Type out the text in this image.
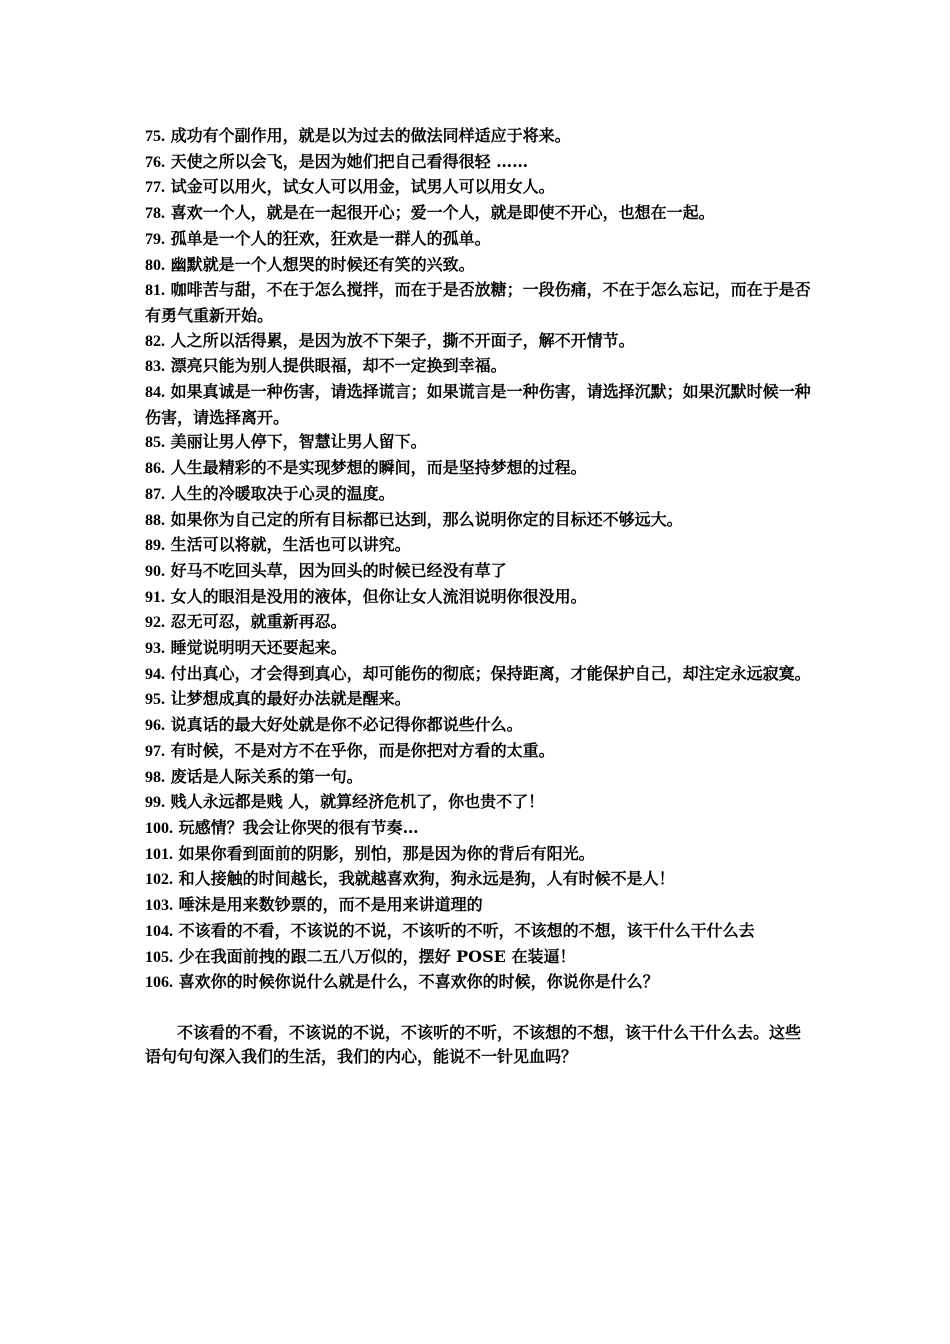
75. 成功有个副作用，就是以为过去的做法同样适应于将来。

76. 天使之所以会飞，是因为她们把自己看得很轻 ……

77. 试金可以用火，试女人可以用金，试男人可以用女人。

78. 喜欢一个人，就是在一起很开心；爱一个人，就是即使不开心，也想在一起。

79. 孤单是一个人的狂欢，狂欢是一群人的孤单。

80. 幽默就是一个人想哭的时候还有笑的兴致。

81. 咖啡苦与甜，不在于怎么搅拌，而在于是否放糖；一段伤痛，不在于怎么忘记，而在于是否有勇气重新开始。

82. 人之所以活得累，是因为放不下架子，撕不开面子，解不开情节。

83. 漂亮只能为别人提供眼福，却不一定换到幸福。

84. 如果真诚是一种伤害，请选择谎言；如果谎言是一种伤害，请选择沉默；如果沉默时候一种伤害，请选择离开。

85. 美丽让男人停下，智慧让男人留下。

86. 人生最精彩的不是实现梦想的瞬间，而是坚持梦想的过程。

87. 人生的冷暖取决于心灵的温度。

88. 如果你为自己定的所有目标都已达到，那么说明你定的目标还不够远大。

89. 生活可以将就，生活也可以讲究。

90. 好马不吃回头草，因为回头的时候已经没有草了

91. 女人的眼泪是没用的液体，但你让女人流泪说明你很没用。

92. 忍无可忍，就重新再忍。

93. 睡觉说明明天还要起来。

94. 付出真心，才会得到真心，却可能伤的彻底；保持距离，才能保护自己，却注定永远寂寞。

95. 让梦想成真的最好办法就是醒来。

96. 说真话的最大好处就是你不必记得你都说些什么。

97. 有时候，不是对方不在乎你，而是你把对方看的太重。

98. 废话是人际关系的第一句。

99. 贱人永远都是贱 人，就算经济危机了，你也贵不了！

100. 玩感情？我会让你哭的很有节奏…

101. 如果你看到面前的阴影，别怕，那是因为你的背后有阳光。

102. 和人接触的时间越长，我就越喜欢狗，狗永远是狗，人有时候不是人！

103. 唾沫是用来数钞票的，而不是用来讲道理的

104. 不该看的不看，不该说的不说，不该听的不听，不该想的不想，该干什么干什么去

105. 少在我面前拽的跟二五八万似的，摆好 POSE 在装逼！

106. 喜欢你的时候你说什么就是什么，不喜欢你的时候，你说你是什么？

不该看的不看，不该说的不说，不该听的不听，不该想的不想，该干什么干什么去。这些语句句句深入我们的生活，我们的内心，能说不一针见血吗？
